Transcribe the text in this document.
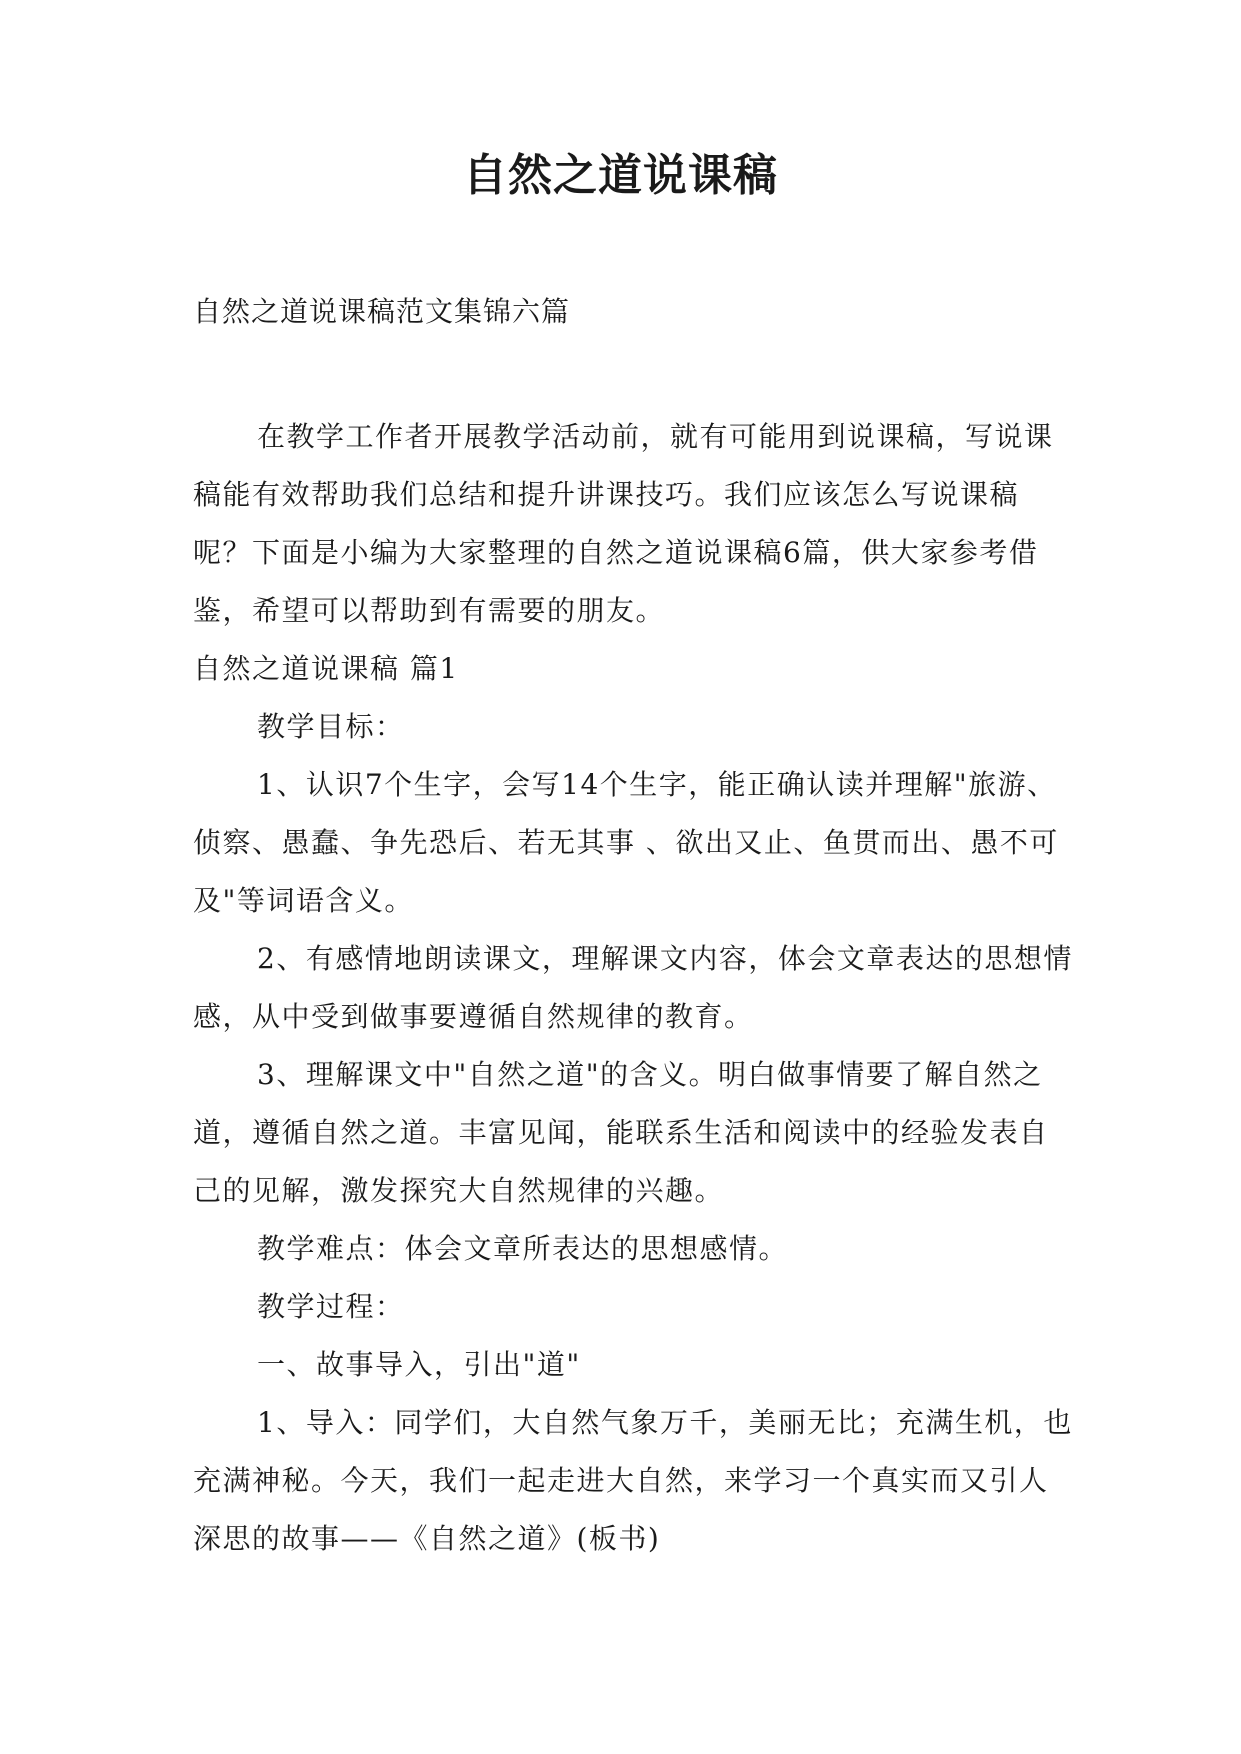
自然之道说课稿
自然之道说课稿范文集锦六篇

在教学工作者开展教学活动前，就有可能用到说课稿，写说课稿能有效帮助我们总结和提升讲课技巧。我们应该怎么写说课稿呢？下面是小编为大家整理的自然之道说课稿6篇，供大家参考借鉴，希望可以帮助到有需要的朋友。

自然之道说课稿 篇1

教学目标：

1、认识7个生字，会写14个生字，能正确认读并理解"旅游、侦察、愚蠢、争先恐后、若无其事 、欲出又止、鱼贯而出、愚不可及"等词语含义。

2、有感情地朗读课文，理解课文内容，体会文章表达的思想情感，从中受到做事要遵循自然规律的教育。

3、理解课文中"自然之道"的含义。明白做事情要了解自然之道，遵循自然之道。丰富见闻，能联系生活和阅读中的经验发表自己的见解，激发探究大自然规律的兴趣。

教学难点：体会文章所表达的思想感情。

教学过程：

一、故事导入，引出"道"

1、导入：同学们，大自然气象万千，美丽无比；充满生机，也充满神秘。今天，我们一起走进大自然，来学习一个真实而又引人深思的故事——《自然之道》(板书)
